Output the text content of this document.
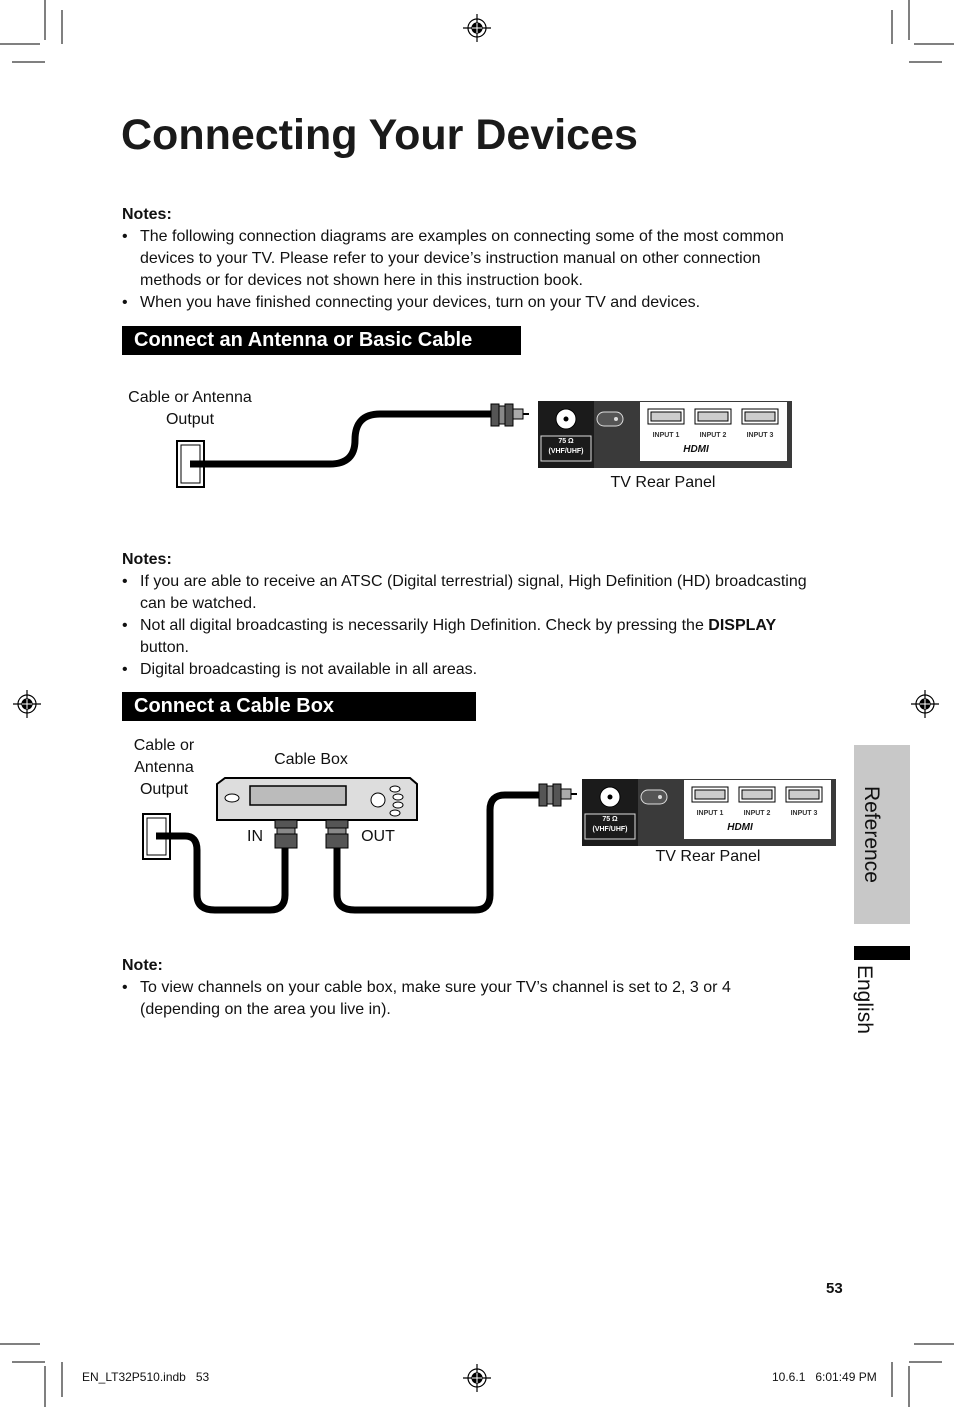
Connecting Your Devices
Notes:
• The following connection diagrams are examples on connecting some of the most common devices to your TV. Please refer to your device’s instruction manual on other connection methods or for devices not shown here in this instruction book.
• When you have finished connecting your devices, turn on your TV and devices.
Connect an Antenna or Basic Cable
Cable or Antenna Output
75 Ω
(VHF/UHF)
INPUT 1	INPUT 2	INPUT 3
HDMI
TV Rear Panel
Notes:
• If you are able to receive an ATSC (Digital terrestrial) signal, High Definition (HD) broadcasting can be watched.
• Not all digital broadcasting is necessarily High Definition. Check by pressing the DISPLAY button.
• Digital broadcasting is not available in all areas.
Connect a Cable Box
Cable or Antenna Output
Cable Box
IN	OUT
75 Ω
(VHF/UHF)
INPUT 1	INPUT 2	INPUT 3
HDMI
TV Rear Panel
Note:
• To view channels on your cable box, make sure your TV’s channel is set to 2, 3 or 4 (depending on the area you live in).
Reference
English
53
EN_LT32P510.indb   53	10.6.1   6:01:49 PM
